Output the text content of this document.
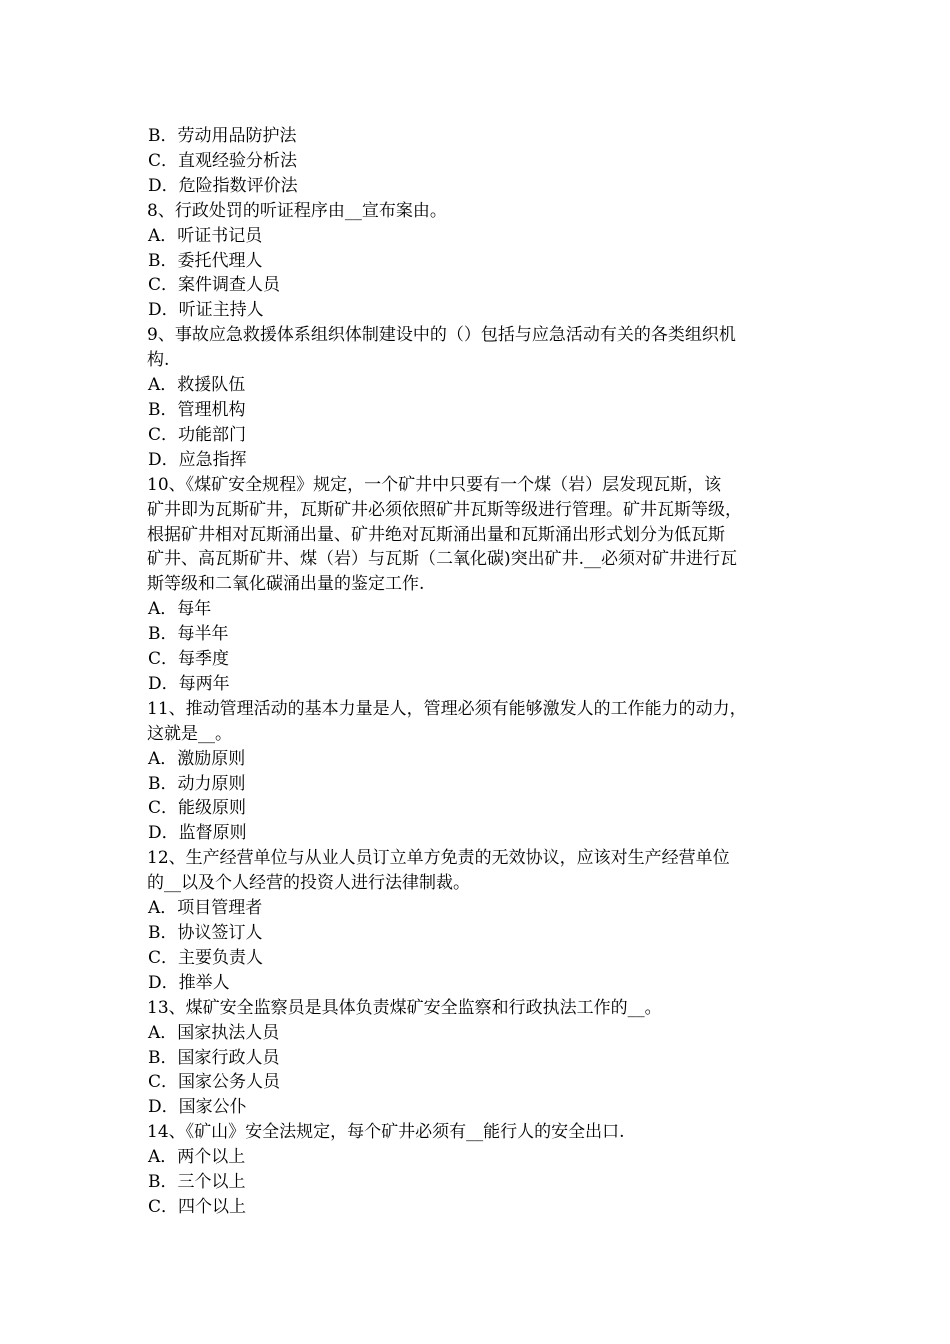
B．劳动用品防护法
C．直观经验分析法
D．危险指数评价法
8、行政处罚的听证程序由__宣布案由。
A．听证书记员
B．委托代理人
C．案件调查人员
D．听证主持人
9、事故应急救援体系组织体制建设中的（）包括与应急活动有关的各类组织机
构.
A．救援队伍
B．管理机构
C．功能部门
D．应急指挥
10、《煤矿安全规程》规定，一个矿井中只要有一个煤（岩）层发现瓦斯，该
矿井即为瓦斯矿井，瓦斯矿井必须依照矿井瓦斯等级进行管理。矿井瓦斯等级，
根据矿井相对瓦斯涌出量、矿井绝对瓦斯涌出量和瓦斯涌出形式划分为低瓦斯
矿井、高瓦斯矿井、煤（岩）与瓦斯（二氧化碳)突出矿井.__必须对矿井进行瓦
斯等级和二氧化碳涌出量的鉴定工作.
A．每年
B．每半年
C．每季度
D．每两年
11、推动管理活动的基本力量是人，管理必须有能够激发人的工作能力的动力，
这就是__。
A．激励原则
B．动力原则
C．能级原则
D．监督原则
12、生产经营单位与从业人员订立单方免责的无效协议，应该对生产经营单位
的__以及个人经营的投资人进行法律制裁。
A．项目管理者
B．协议签订人
C．主要负责人
D．推举人
13、煤矿安全监察员是具体负责煤矿安全监察和行政执法工作的__。
A．国家执法人员
B．国家行政人员
C．国家公务人员
D．国家公仆
14、《矿山》安全法规定，每个矿井必须有__能行人的安全出口.
A．两个以上
B．三个以上
C．四个以上
